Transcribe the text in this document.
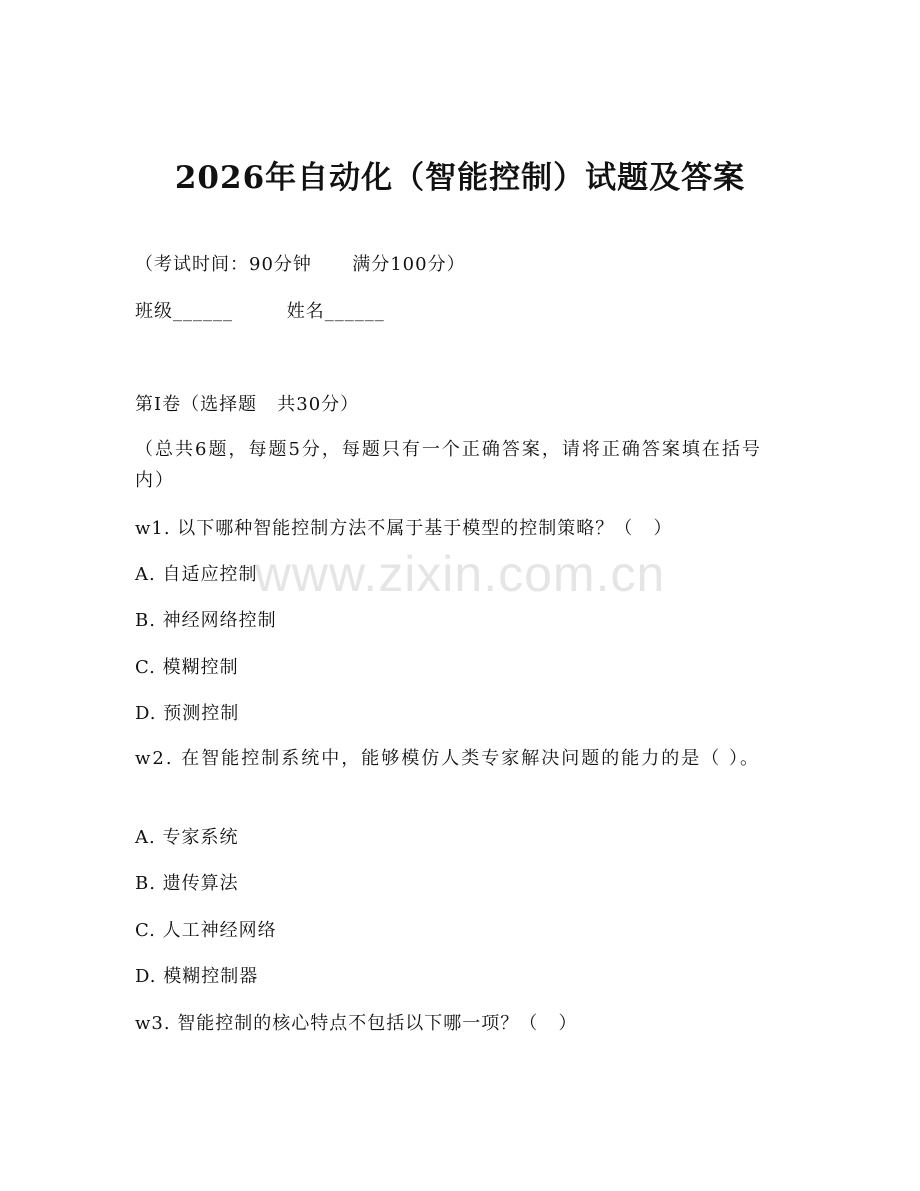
2026年自动化（智能控制）试题及答案
（考试时间：90分钟      满分100分）
班级______        姓名______
第Ⅰ卷（选择题   共30分）
（总共6题，每题5分，每题只有一个正确答案，请将正确答案填在括号内）
w1. 以下哪种智能控制方法不属于基于模型的控制策略？（   ）
A. 自适应控制
B. 神经网络控制
C. 模糊控制
D. 预测控制
w2. 在智能控制系统中，能够模仿人类专家解决问题的能力的是（ ）。
A. 专家系统
B. 遗传算法
C. 人工神经网络
D. 模糊控制器
w3. 智能控制的核心特点不包括以下哪一项？（   ）
www.zixin.com.cn
